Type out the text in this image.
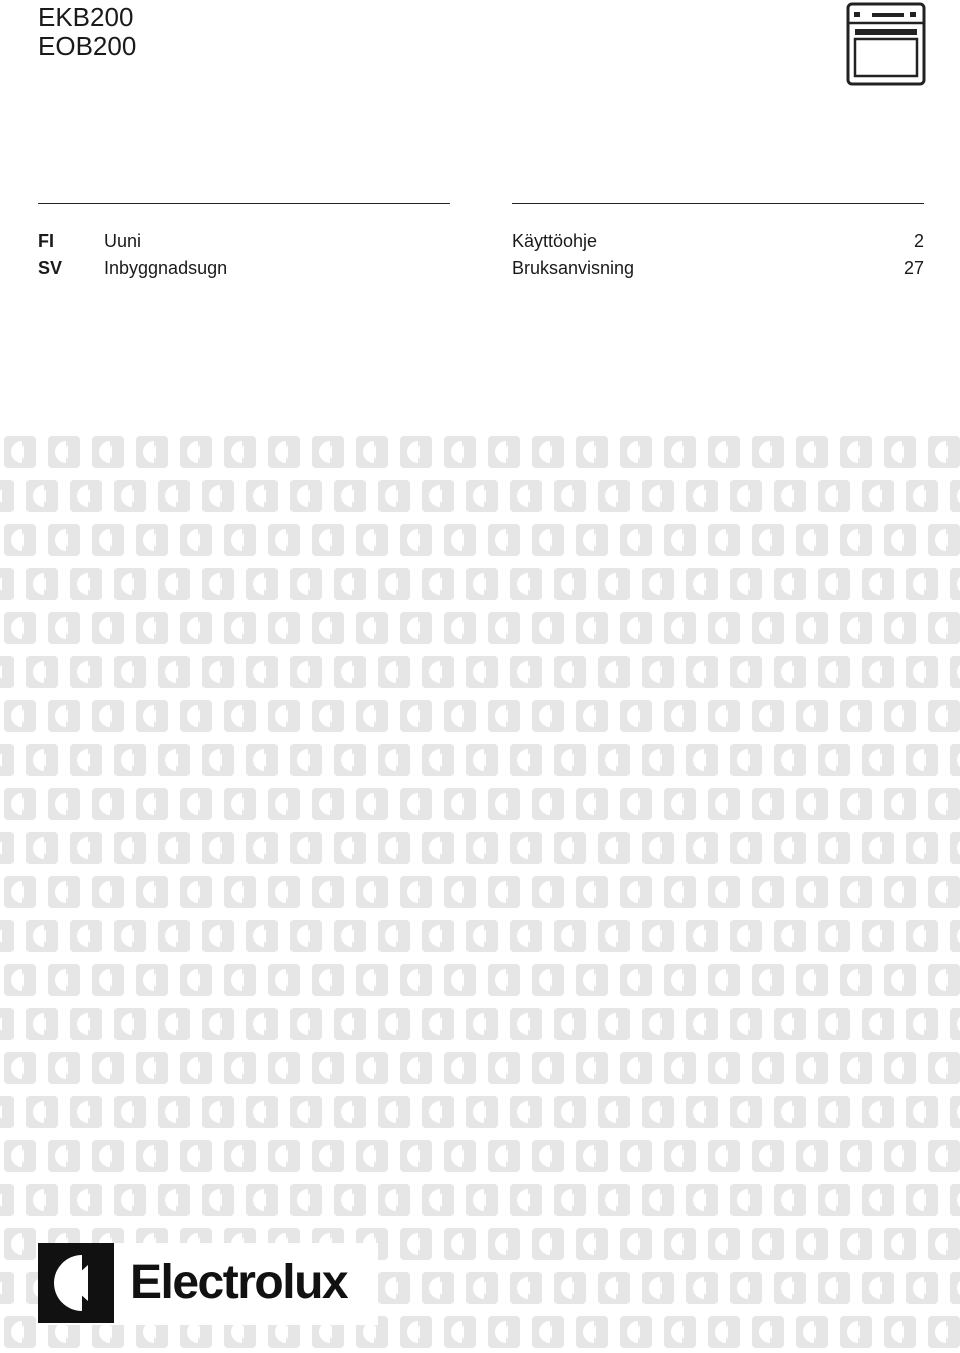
EKB200
EOB200
FI	Uuni	Käyttöohje	2
SV Inbyggnadsugn	Bruksanvisning	27
Electrolux
